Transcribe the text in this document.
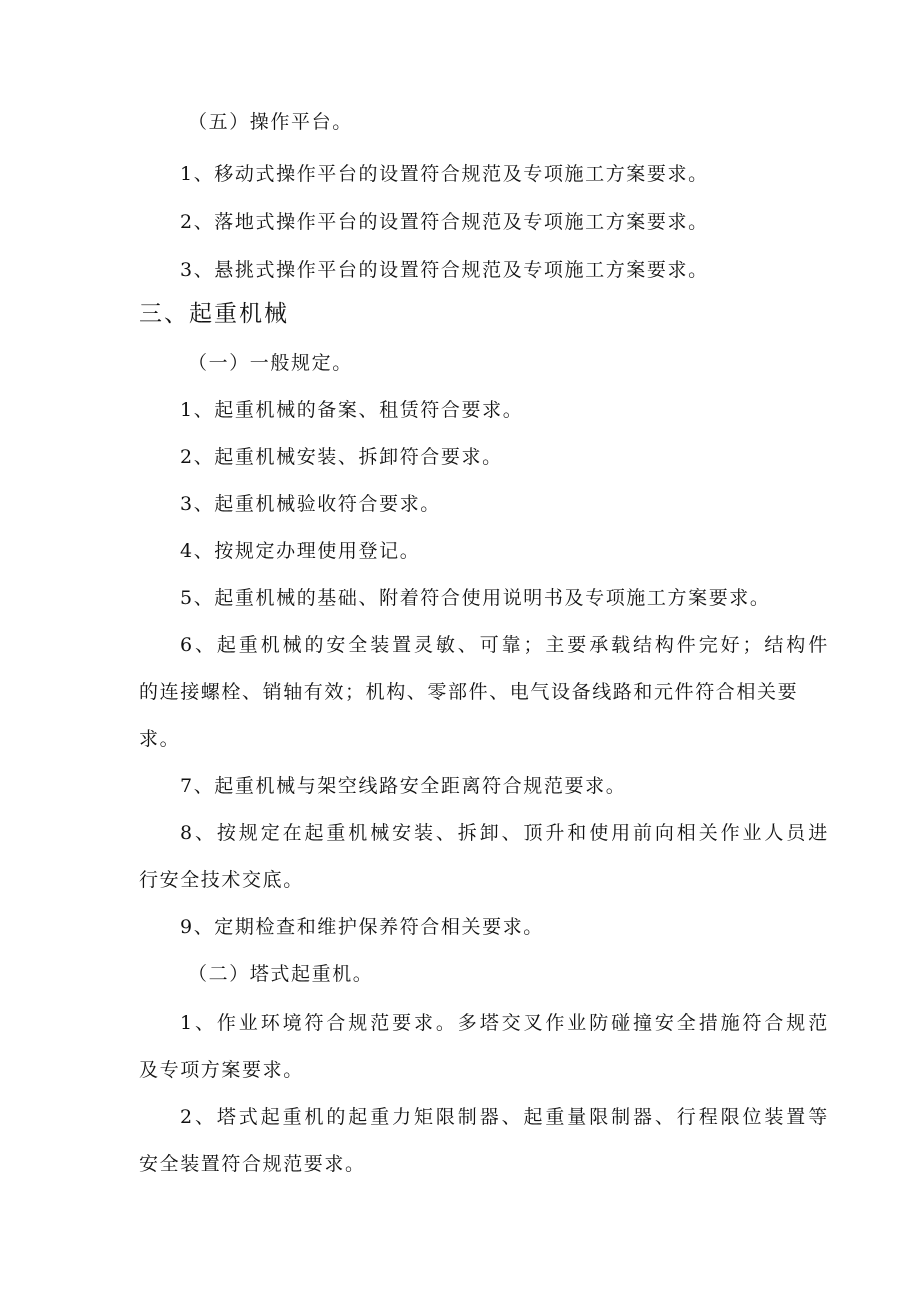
（五）操作平台。

1、移动式操作平台的设置符合规范及专项施工方案要求。

2、落地式操作平台的设置符合规范及专项施工方案要求。

3、悬挑式操作平台的设置符合规范及专项施工方案要求。

三、起重机械

（一）一般规定。

1、起重机械的备案、租赁符合要求。

2、起重机械安装、拆卸符合要求。

3、起重机械验收符合要求。

4、按规定办理使用登记。

5、起重机械的基础、附着符合使用说明书及专项施工方案要求。

6、起重机械的安全装置灵敏、可靠；主要承载结构件完好；结构件

的连接螺栓、销轴有效；机构、零部件、电气设备线路和元件符合相关要

求。

7、起重机械与架空线路安全距离符合规范要求。

8、按规定在起重机械安装、拆卸、顶升和使用前向相关作业人员进

行安全技术交底。

9、定期检查和维护保养符合相关要求。

（二）塔式起重机。

1、作业环境符合规范要求。多塔交叉作业防碰撞安全措施符合规范

及专项方案要求。

2、塔式起重机的起重力矩限制器、起重量限制器、行程限位装置等

安全装置符合规范要求。
